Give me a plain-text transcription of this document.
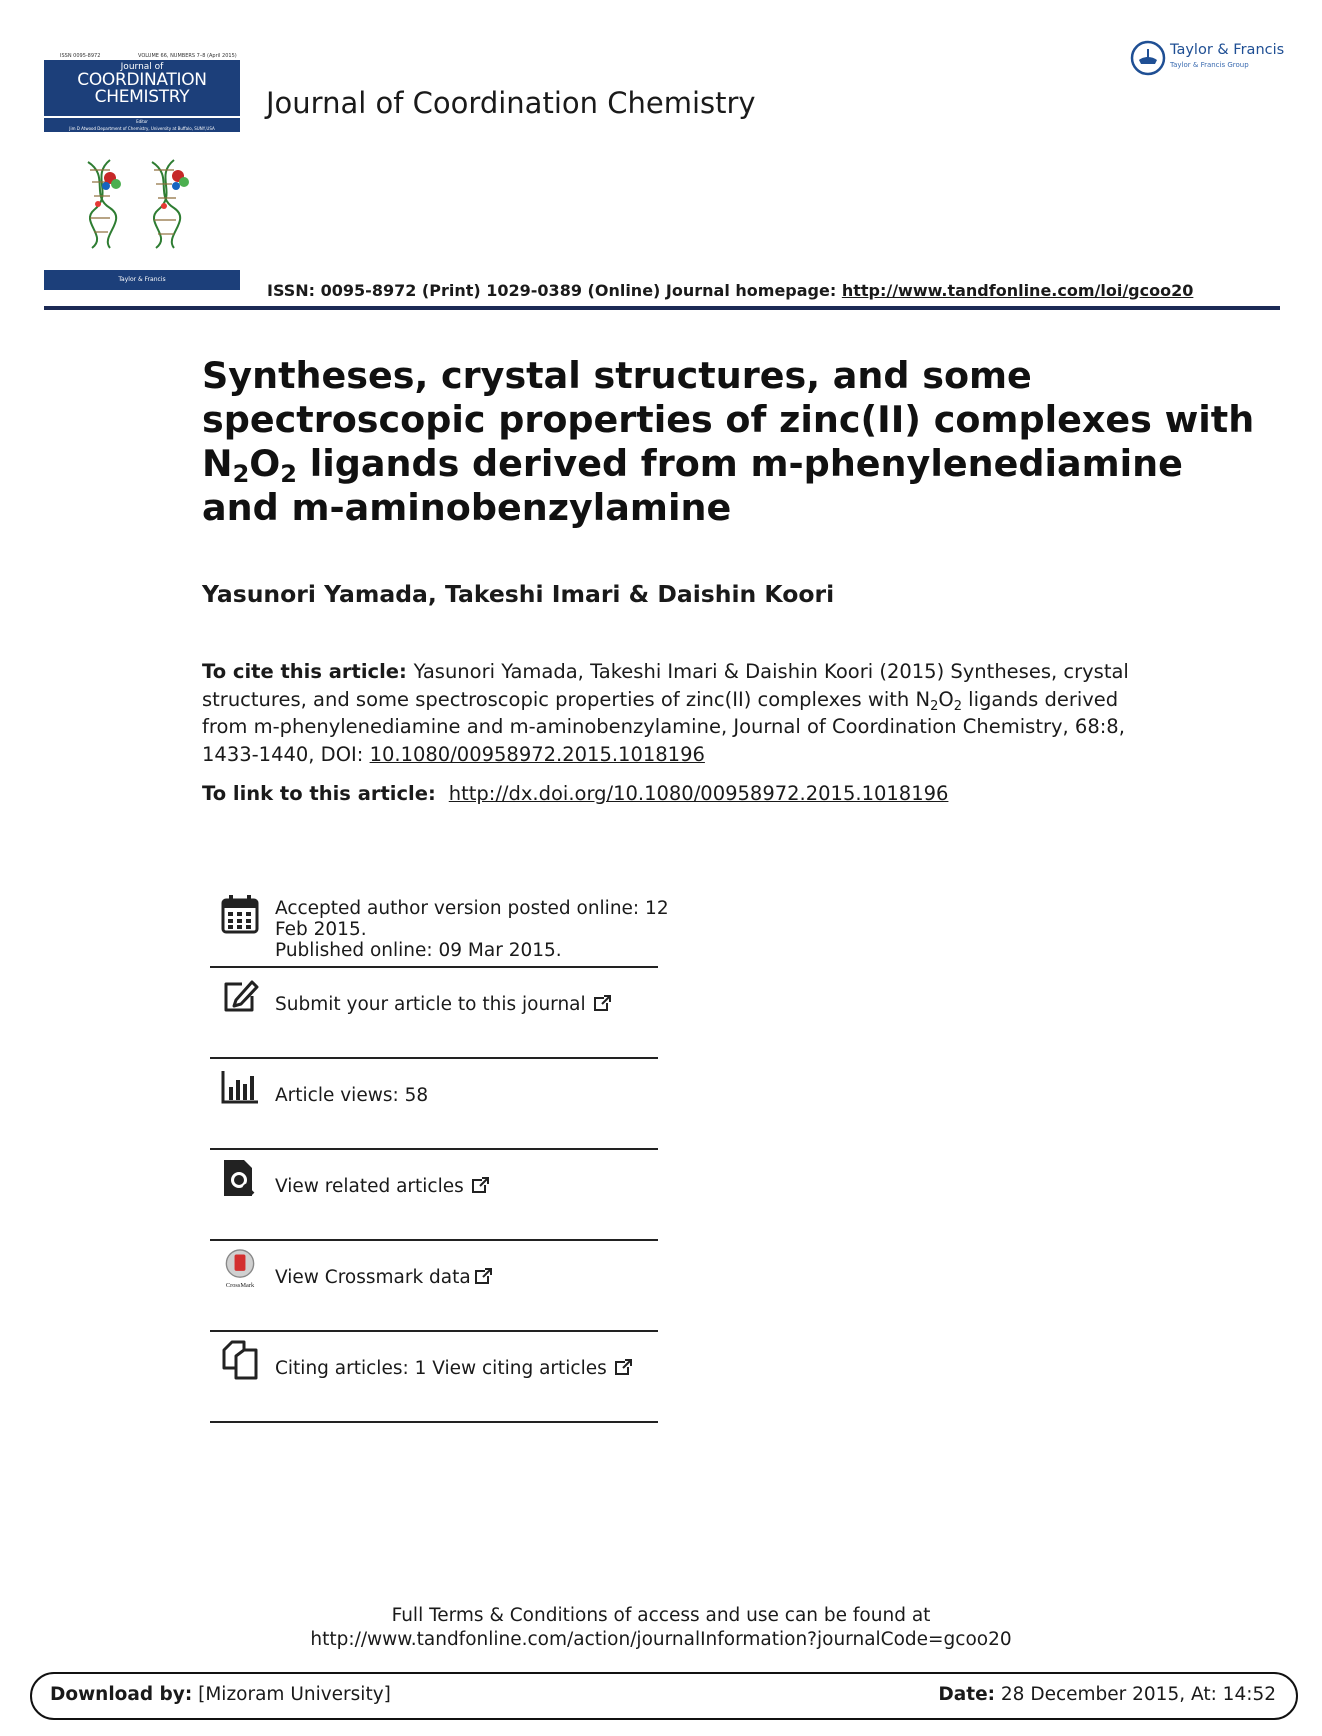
ISSN 0095-8972	VOLUME 66, NUMBERS 7–8 (April 2015)
Journal of
COORDINATION
CHEMISTRY
Editor
Jim D Atwood Department of Chemistry, University at Buffalo, SUNY,USA
Taylor & Francis
Journal of Coordination Chemistry
Taylor & Francis
Taylor & Francis Group
ISSN: 0095-8972 (Print) 1029-0389 (Online) Journal homepage: http://www.tandfonline.com/loi/gcoo20
Syntheses, crystal structures, and some
spectroscopic properties of zinc(II) complexes with
$N_2O_2$ ligands derived from m-phenylenediamine
and m-aminobenzylamine
Yasunori Yamada, Takeshi Imari & Daishin Koori
To cite this article: Yasunori Yamada, Takeshi Imari & Daishin Koori (2015) Syntheses, crystal
structures, and some spectroscopic properties of zinc(II) complexes with $N_2O_2$ ligands derived
from m-phenylenediamine and m-aminobenzylamine, Journal of Coordination Chemistry, 68:8,
1433-1440, DOI: 10.1080/00958972.2015.1018196
To link to this article:  http://dx.doi.org/10.1080/00958972.2015.1018196
Accepted author version posted online: 12
Feb 2015.
Published online: 09 Mar 2015.
Submit your article to this journal
Article views: 58
View related articles
CrossMark View Crossmark data
Citing articles: 1 View citing articles
Full Terms & Conditions of access and use can be found at
http://www.tandfonline.com/action/journalInformation?journalCode=gcoo20
Download by: [Mizoram University]	Date: 28 December 2015, At: 14:52
